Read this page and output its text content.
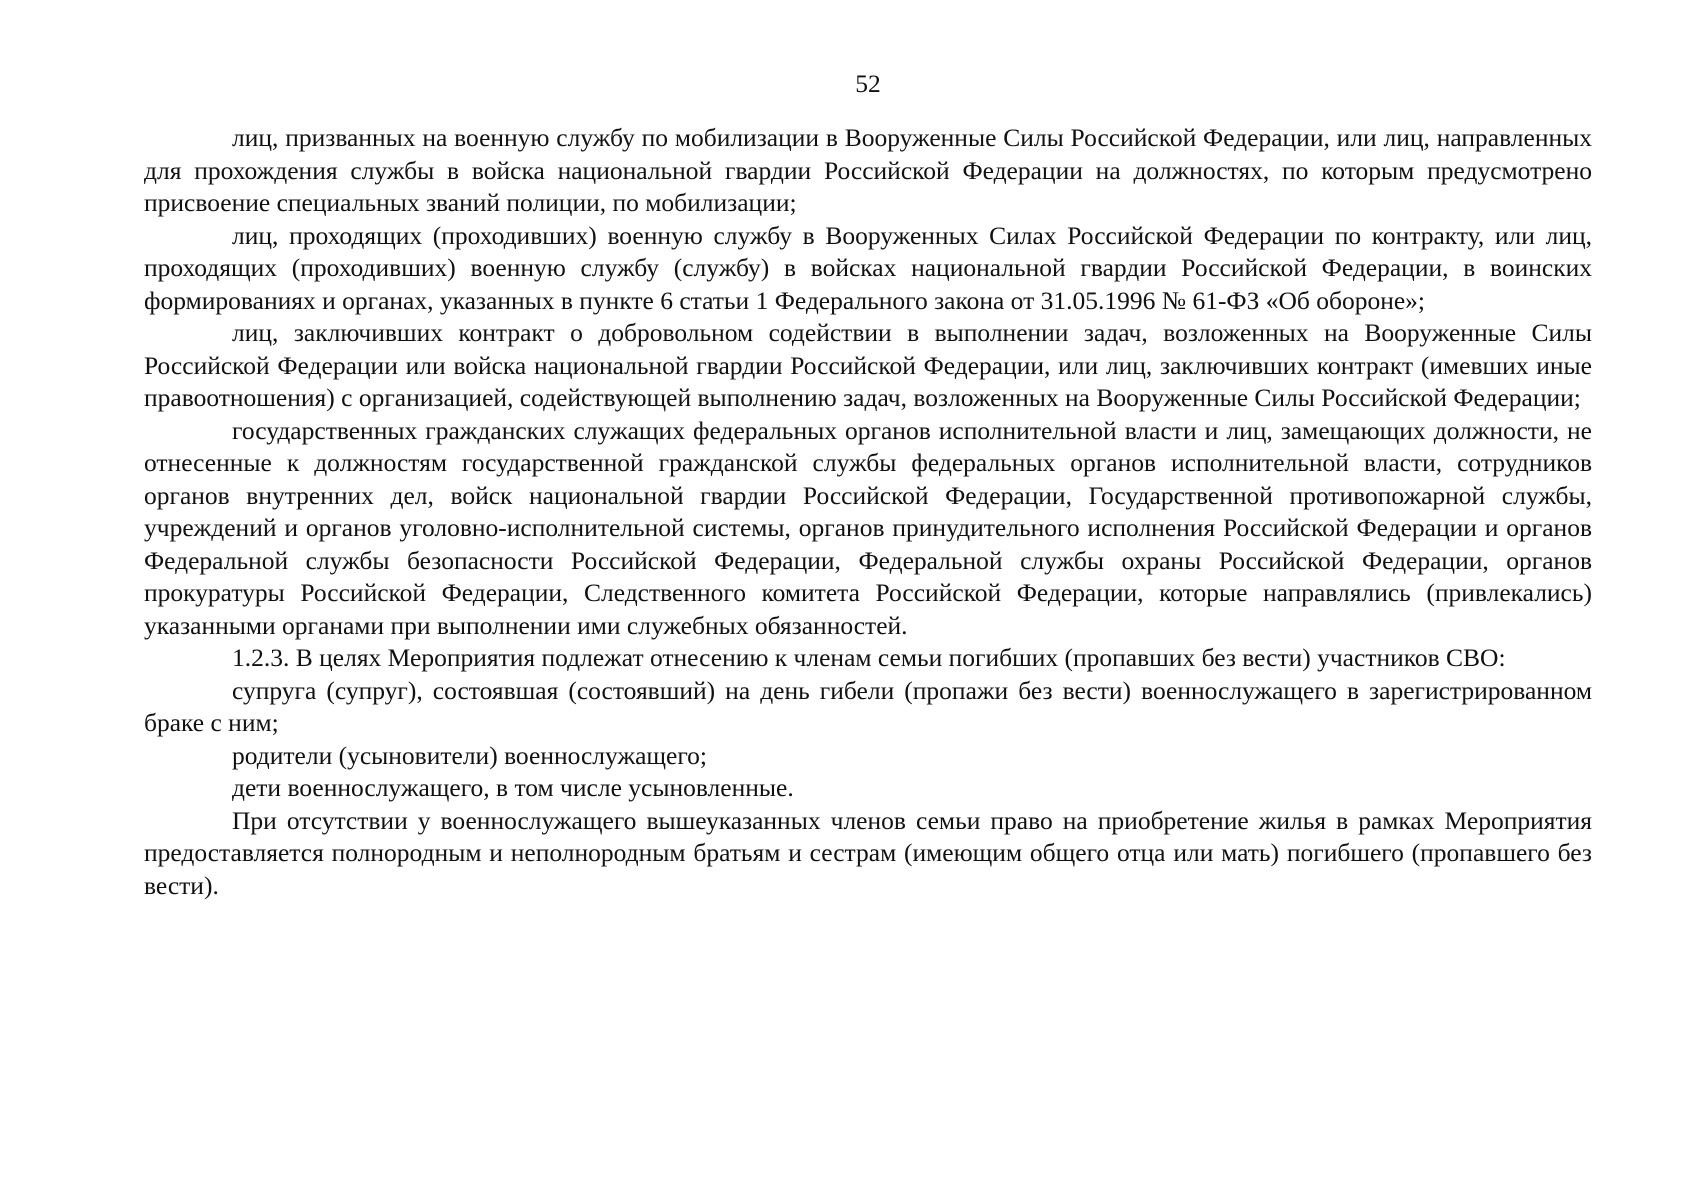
52

лиц, призванных на военную службу по мобилизации в Вооруженные Силы Российской Федерации, или лиц, направленных для прохождения службы в войска национальной гвардии Российской Федерации на должностях, по которым предусмотрено присвоение специальных званий полиции, по мобилизации;

лиц, проходящих (проходивших) военную службу в Вооруженных Силах Российской Федерации по контракту, или лиц, проходящих (проходивших) военную службу (службу) в войсках национальной гвардии Российской Федерации, в воинских формированиях и органах, указанных в пункте 6 статьи 1 Федерального закона от 31.05.1996 № 61-ФЗ «Об обороне»;

лиц, заключивших контракт о добровольном содействии в выполнении задач, возложенных на Вооруженные Силы Российской Федерации или войска национальной гвардии Российской Федерации, или лиц, заключивших контракт (имевших иные правоотношения) с организацией, содействующей выполнению задач, возложенных на Вооруженные Силы Российской Федерации;

государственных гражданских служащих федеральных органов исполнительной власти и лиц, замещающих должности, не отнесенные к должностям государственной гражданской службы федеральных органов исполнительной власти, сотрудников органов внутренних дел, войск национальной гвардии Российской Федерации, Государственной противопожарной службы, учреждений и органов уголовно-исполнительной системы, органов принудительного исполнения Российской Федерации и органов Федеральной службы безопасности Российской Федерации, Федеральной службы охраны Российской Федерации, органов прокуратуры Российской Федерации, Следственного комитета Российской Федерации, которые направлялись (привлекались) указанными органами при выполнении ими служебных обязанностей.

1.2.3. В целях Мероприятия подлежат отнесению к членам семьи погибших (пропавших без вести) участников СВО:

супруга (супруг), состоявшая (состоявший) на день гибели (пропажи без вести) военнослужащего в зарегистрированном браке с ним;

родители (усыновители) военнослужащего;

дети военнослужащего, в том числе усыновленные.

При отсутствии у военнослужащего вышеуказанных членов семьи право на приобретение жилья в рамках Мероприятия предоставляется полнородным и неполнородным братьям и сестрам (имеющим общего отца или мать) погибшего (пропавшего без вести).
